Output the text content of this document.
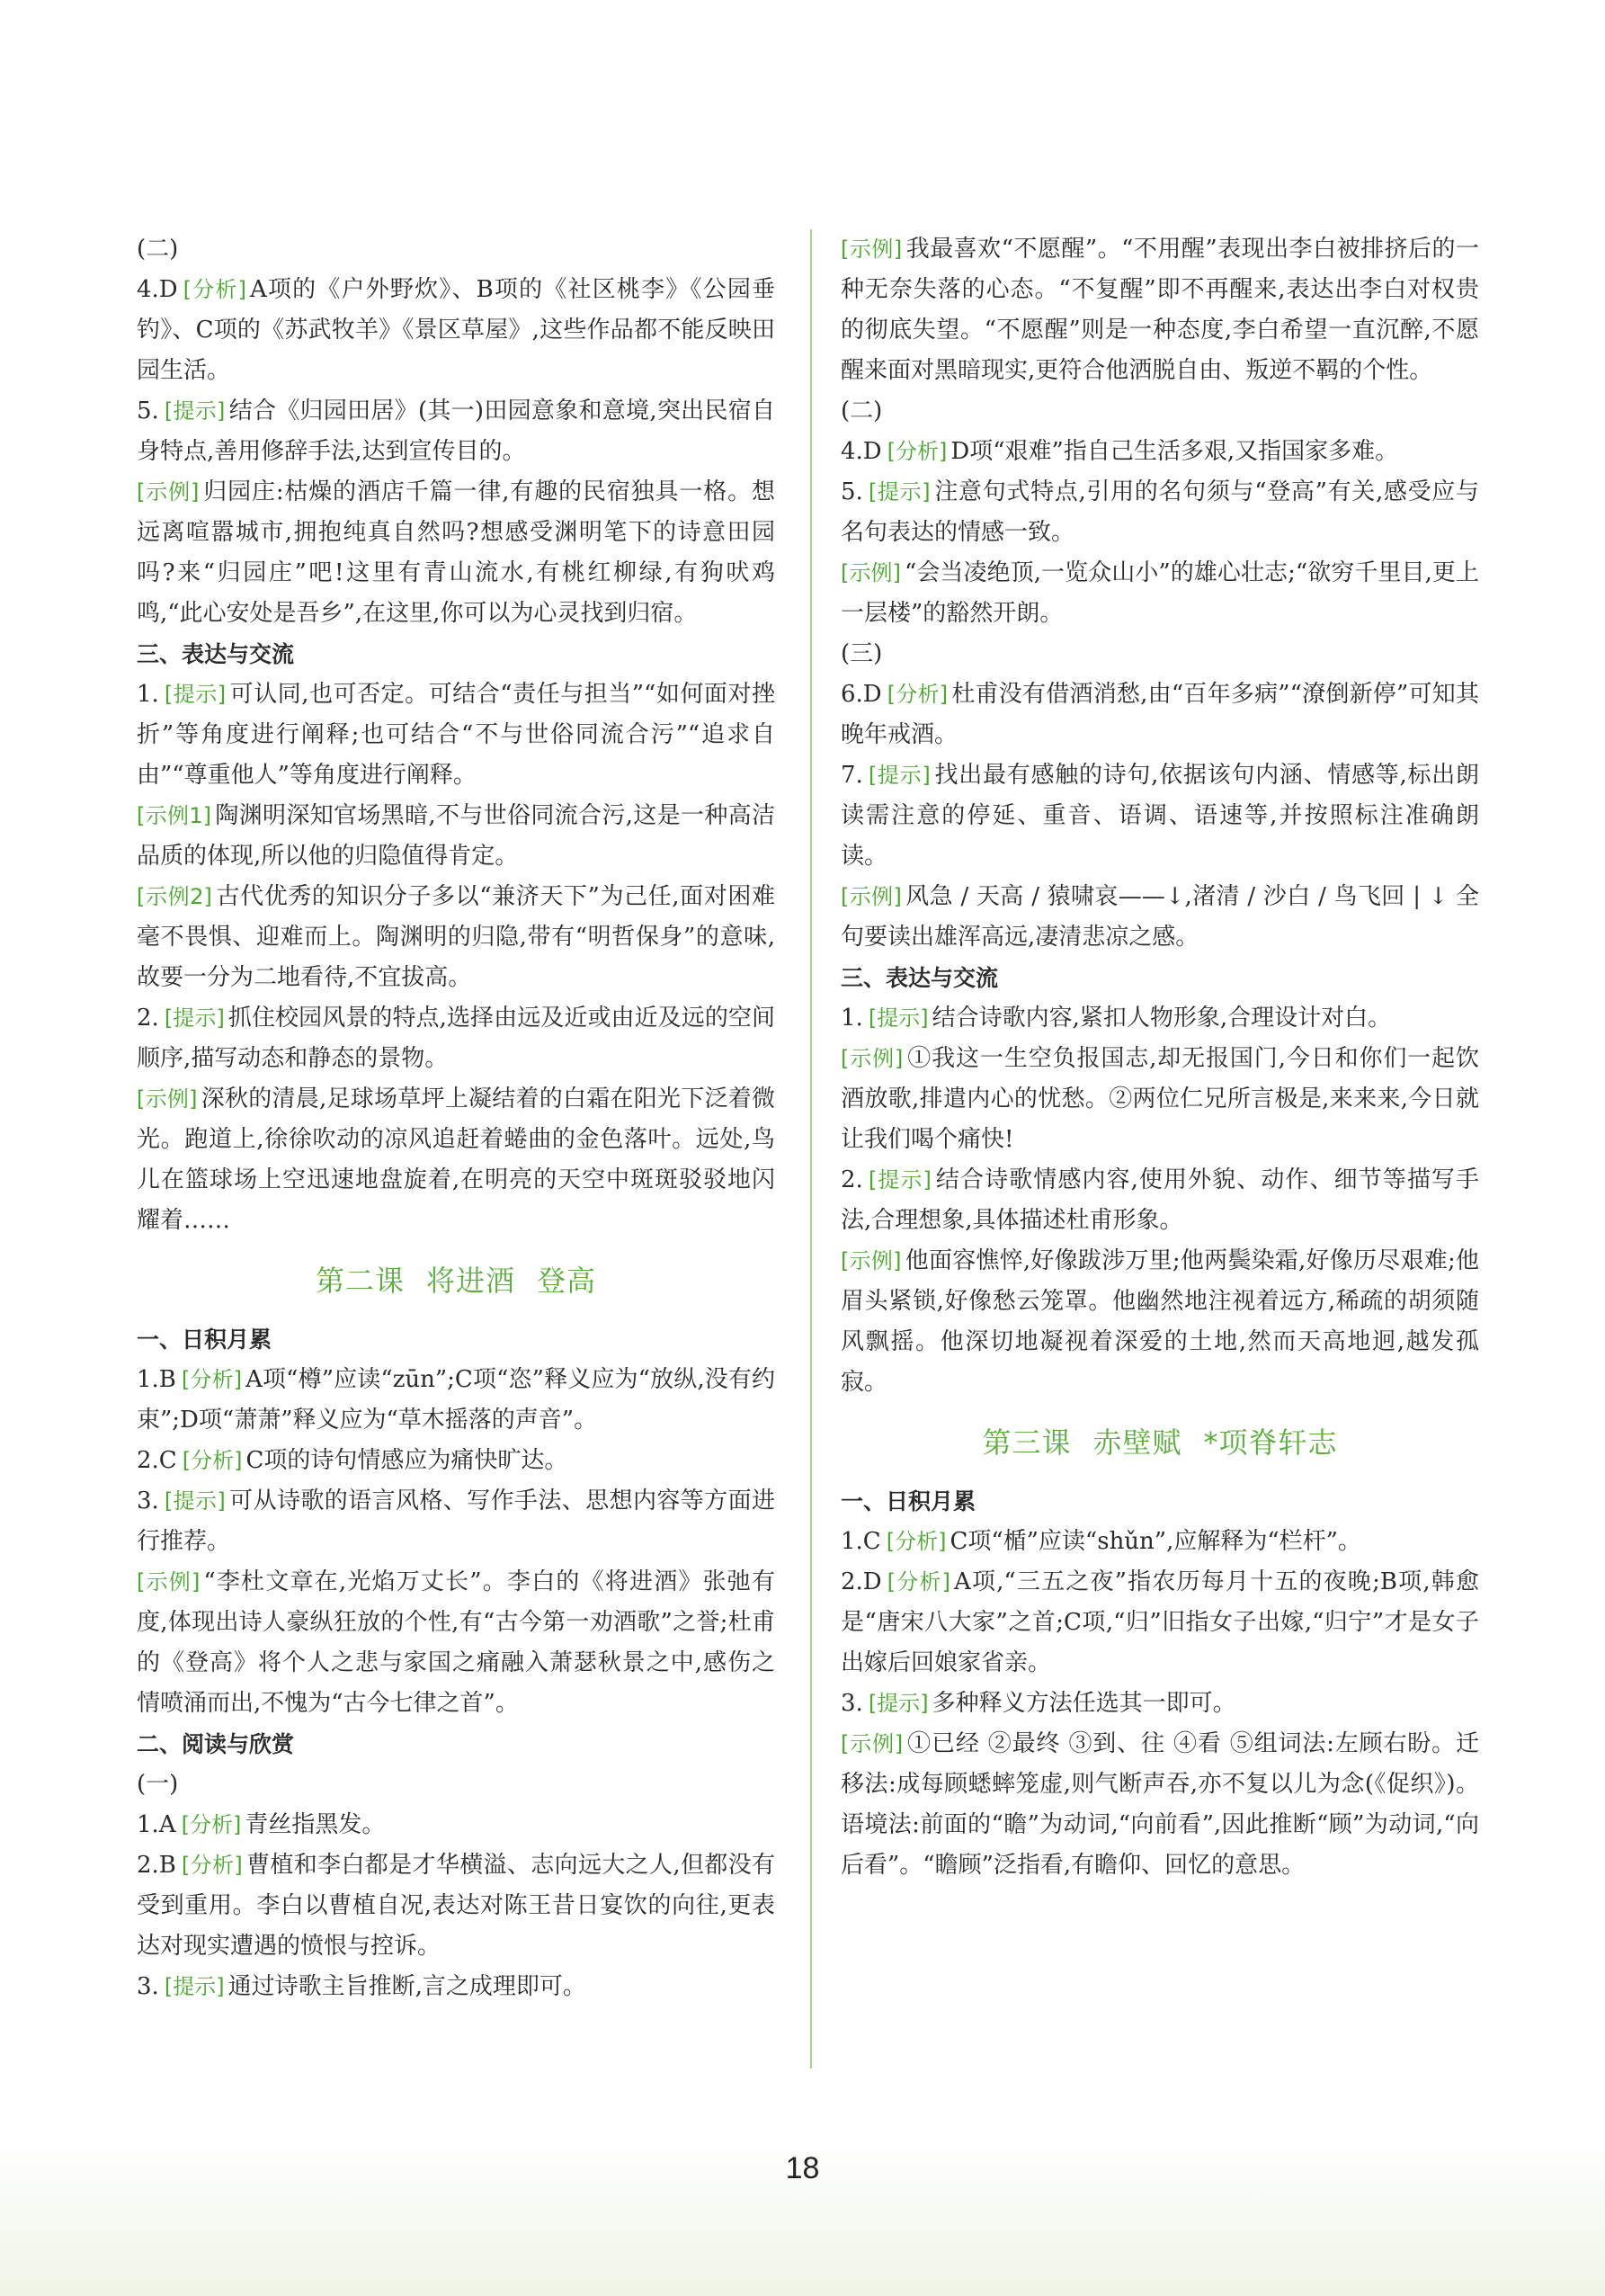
(二)

4.D [ 分析 ] A项的《户外野炊》、B项的《社区桃李》《公园垂钓》、C项的《苏武牧羊》《景区草屋》,这些作品都不能反映田园生活。

5. [ 提示 ] 结合《归园田居》(其一)田园意象和意境,突出民宿自身特点,善用修辞手法,达到宣传目的。

[ 示例 ] 归园庄:枯燥的酒店千篇一律,有趣的民宿独具一格。想远离喧嚣城市,拥抱纯真自然吗?想感受渊明笔下的诗意田园吗?来“归园庄”吧!这里有青山流水,有桃红柳绿,有狗吠鸡鸣,“此心安处是吾乡”,在这里,你可以为心灵找到归宿。

三、表达与交流

1. [ 提示 ] 可认同,也可否定。可结合“责任与担当”“如何面对挫折”等角度进行阐释;也可结合“不与世俗同流合污”“追求自由”“尊重他人”等角度进行阐释。

[ 示例1 ] 陶渊明深知官场黑暗,不与世俗同流合污,这是一种高洁品质的体现,所以他的归隐值得肯定。

[ 示例2 ] 古代优秀的知识分子多以“兼济天下”为己任,面对困难毫不畏惧、迎难而上。陶渊明的归隐,带有“明哲保身”的意味,故要一分为二地看待,不宜拔高。

2. [ 提示 ] 抓住校园风景的特点,选择由远及近或由近及远的空间顺序,描写动态和静态的景物。

[ 示例 ] 深秋的清晨,足球场草坪上凝结着的白霜在阳光下泛着微光。跑道上,徐徐吹动的凉风追赶着蜷曲的金色落叶。远处,鸟儿在篮球场上空迅速地盘旋着,在明亮的天空中斑斑驳驳地闪耀着……

第二课 将进酒 登高

一、日积月累

1.B [ 分析 ] A项“樽”应读“zūn”;C项“恣”释义应为“放纵,没有约束”;D项“萧萧”释义应为“草木摇落的声音”。

2.C [ 分析 ] C项的诗句情感应为痛快旷达。

3. [ 提示 ] 可从诗歌的语言风格、写作手法、思想内容等方面进行推荐。

[ 示例 ] “李杜文章在,光焰万丈长”。李白的《将进酒》张弛有度,体现出诗人豪纵狂放的个性,有“古今第一劝酒歌”之誉;杜甫的《登高》将个人之悲与家国之痛融入萧瑟秋景之中,感伤之情喷涌而出,不愧为“古今七律之首”。

二、阅读与欣赏

(一)

1.A [ 分析 ] 青丝指黑发。

2.B [ 分析 ] 曹植和李白都是才华横溢、志向远大之人,但都没有受到重用。李白以曹植自况,表达对陈王昔日宴饮的向往,更表达对现实遭遇的愤恨与控诉。

3. [ 提示 ] 通过诗歌主旨推断,言之成理即可。

[ 示例 ] 我最喜欢“不愿醒”。“不用醒”表现出李白被排挤后的一种无奈失落的心态。“不复醒”即不再醒来,表达出李白对权贵的彻底失望。“不愿醒”则是一种态度,李白希望一直沉醉,不愿醒来面对黑暗现实,更符合他洒脱自由、叛逆不羁的个性。

(二)

4.D [ 分析 ] D项“艰难”指自己生活多艰,又指国家多难。

5. [ 提示 ] 注意句式特点,引用的名句须与“登高”有关,感受应与名句表达的情感一致。

[ 示例 ] “会当凌绝顶,一览众山小”的雄心壮志;“欲穷千里目,更上一层楼”的豁然开朗。

(三)

6.D [ 分析 ] 杜甫没有借酒消愁,由“百年多病”“潦倒新停”可知其晚年戒酒。

7. [ 提示 ] 找出最有感触的诗句,依据该句内涵、情感等,标出朗读需注意的停延、重音、语调、语速等,并按照标注准确朗读。

[ 示例 ] 风急 / 天高 / 猿啸哀——↓,渚清 / 沙白 / 鸟飞回 | ↓ 全句要读出雄浑高远,凄清悲凉之感。

三、表达与交流

1. [ 提示 ] 结合诗歌内容,紧扣人物形象,合理设计对白。

[ 示例 ] ①我这一生空负报国志,却无报国门,今日和你们一起饮酒放歌,排遣内心的忧愁。②两位仁兄所言极是,来来来,今日就让我们喝个痛快!

2. [ 提示 ] 结合诗歌情感内容,使用外貌、动作、细节等描写手法,合理想象,具体描述杜甫形象。

[ 示例 ] 他面容憔悴,好像跋涉万里;他两鬓染霜,好像历尽艰难;他眉头紧锁,好像愁云笼罩。他幽然地注视着远方,稀疏的胡须随风飘摇。他深切地凝视着深爱的土地,然而天高地迥,越发孤寂。

第三课 赤壁赋 *项脊轩志

一、日积月累

1.C [ 分析 ] C项“楯”应读“shǔn”,应解释为“栏杆”。

2.D [ 分析 ] A项,“三五之夜”指农历每月十五的夜晚;B项,韩愈是“唐宋八大家”之首;C项,“归”旧指女子出嫁,“归宁”才是女子出嫁后回娘家省亲。

3. [ 提示 ] 多种释义方法任选其一即可。

[ 示例 ] ①已经 ②最终 ③到、往 ④看 ⑤组词法:左顾右盼。迁移法:成每顾蟋蟀笼虚,则气断声吞,亦不复以儿为念(《促织》)。语境法:前面的“瞻”为动词,“向前看”,因此推断“顾”为动词,“向后看”。“瞻顾”泛指看,有瞻仰、回忆的意思。

18
